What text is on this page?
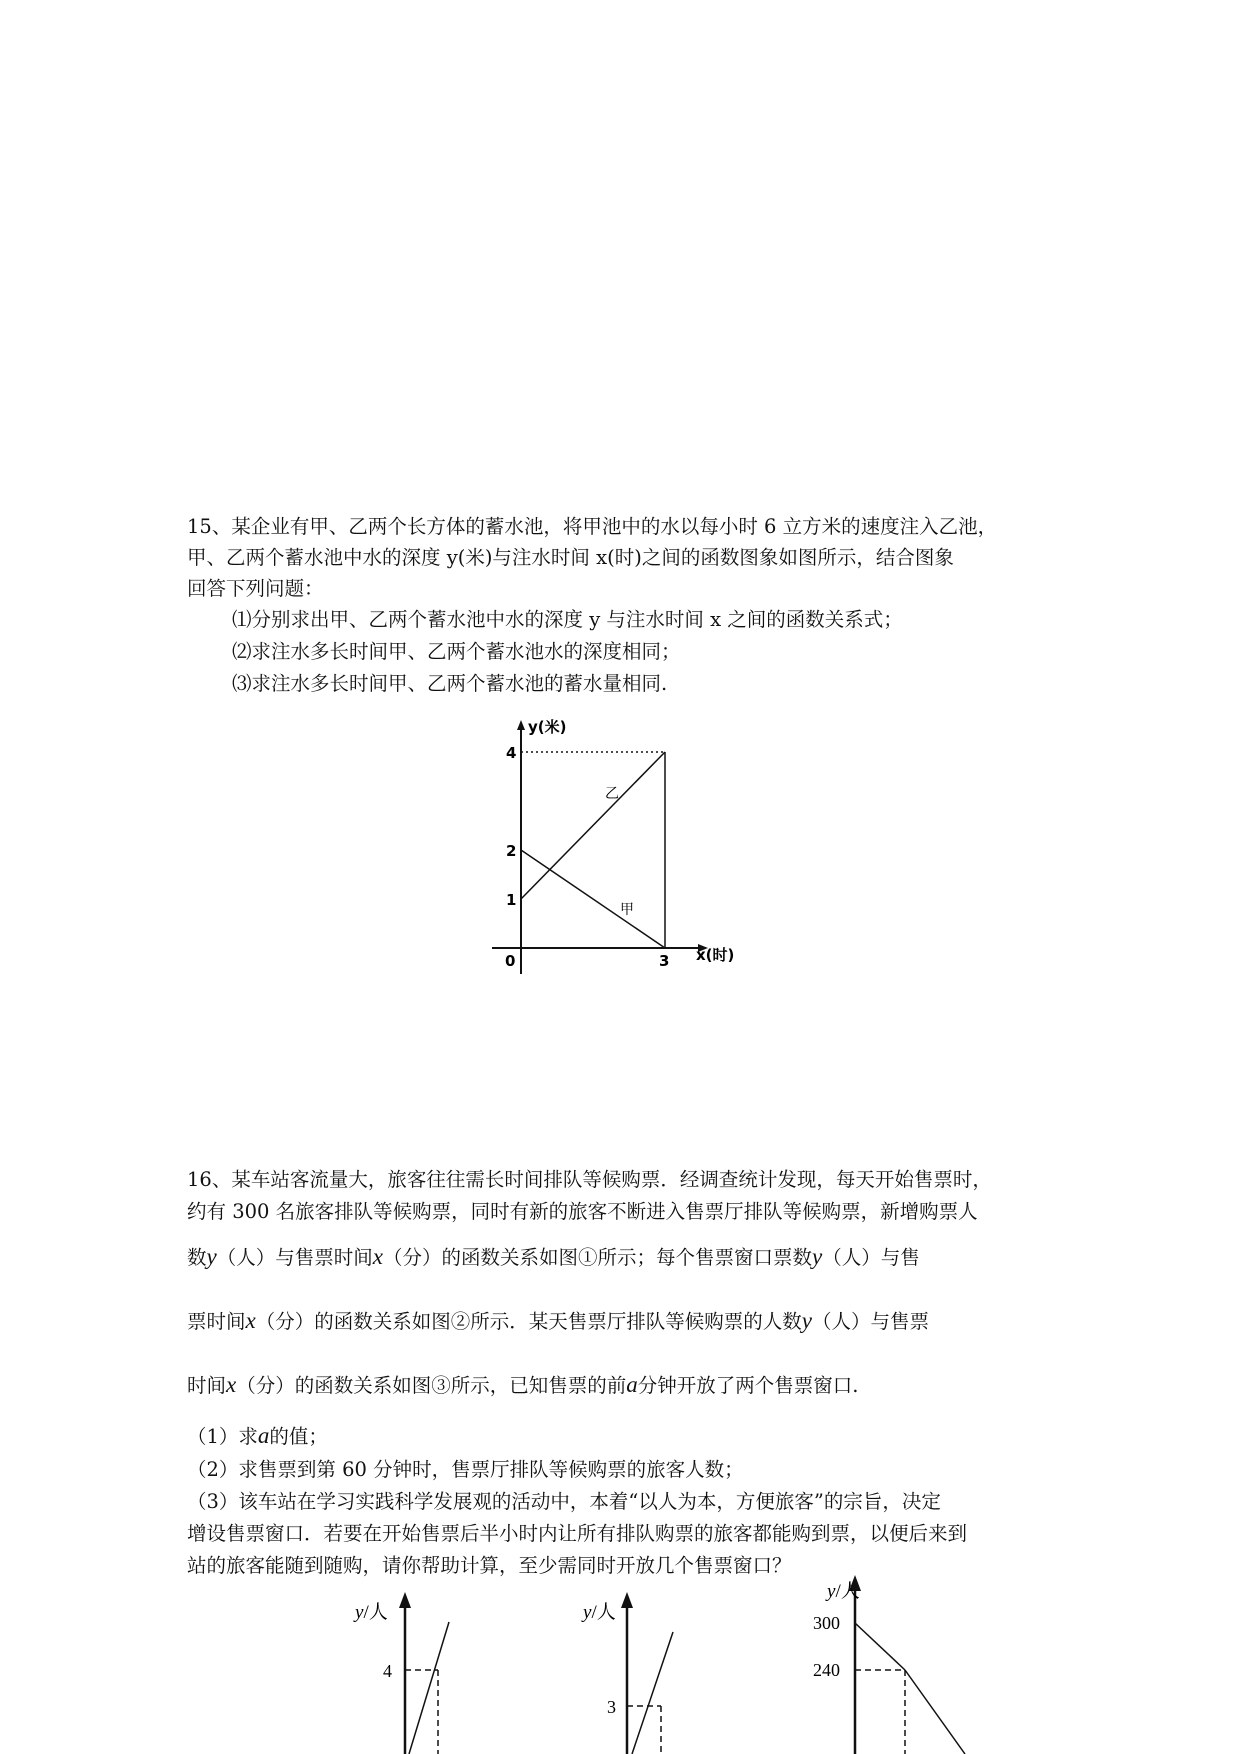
15、某企业有甲、乙两个长方体的蓄水池，将甲池中的水以每小时 6 立方米的速度注入乙池，
甲、乙两个蓄水池中水的深度 y(米)与注水时间 x(时)之间的函数图象如图所示，结合图象
回答下列问题：
⑴分别求出甲、乙两个蓄水池中水的深度 y 与注水时间 x 之间的函数关系式；
⑵求注水多长时间甲、乙两个蓄水池水的深度相同；
⑶求注水多长时间甲、乙两个蓄水池的蓄水量相同.
y(米)
x(时)
0
4
2
1
3
乙
甲
16、某车站客流量大，旅客往往需长时间排队等候购票．经调查统计发现，每天开始售票时，
约有 300 名旅客排队等候购票，同时有新的旅客不断进入售票厅排队等候购票，新增购票人
数y（人）与售票时间x（分）的函数关系如图①所示；每个售票窗口票数y（人）与售
票时间x（分）的函数关系如图②所示．某天售票厅排队等候购票的人数y（人）与售票
时间x（分）的函数关系如图③所示，已知售票的前a分钟开放了两个售票窗口.
（1）求a的值；
（2）求售票到第 60 分钟时，售票厅排队等候购票的旅客人数；
（3）该车站在学习实践科学发展观的活动中，本着“以人为本，方便旅客”的宗旨，决定
增设售票窗口．若要在开始售票后半小时内让所有排队购票的旅客都能购到票，以便后来到
站的旅客能随到随购，请你帮助计算，至少需同时开放几个售票窗口？
y/人
4
y/人
3
y/人
300
240
